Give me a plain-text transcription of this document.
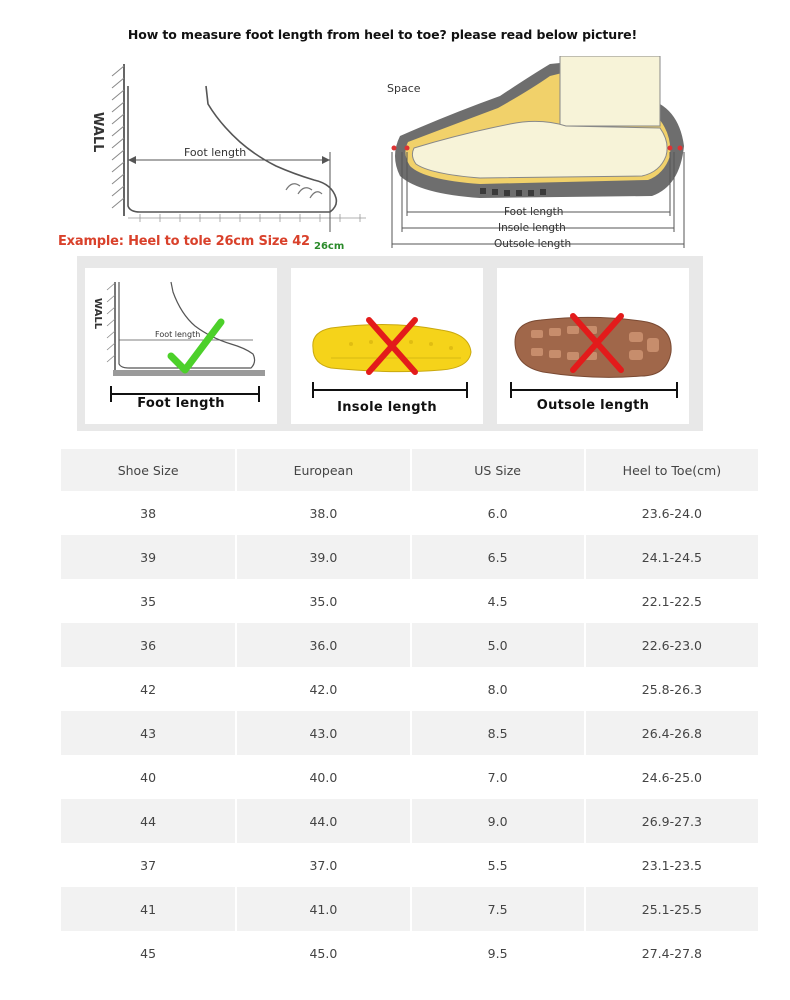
How to measure foot length from heel to toe? please read below picture!
WALL
Foot length
26cm
Example: Heel to tole 26cm Size 42
Space
Foot length
Insole length
Outsole length
WALL
Foot length
Foot length	Insole length	Outsole length
Shoe Size	European	US Size	Heel to Toe(cm)
38	38.0	6.0	23.6-24.0
39	39.0	6.5	24.1-24.5
35	35.0	4.5	22.1-22.5
36	36.0	5.0	22.6-23.0
42	42.0	8.0	25.8-26.3
43	43.0	8.5	26.4-26.8
40	40.0	7.0	24.6-25.0
44	44.0	9.0	26.9-27.3
37	37.0	5.5	23.1-23.5
41	41.0	7.5	25.1-25.5
45	45.0	9.5	27.4-27.8
